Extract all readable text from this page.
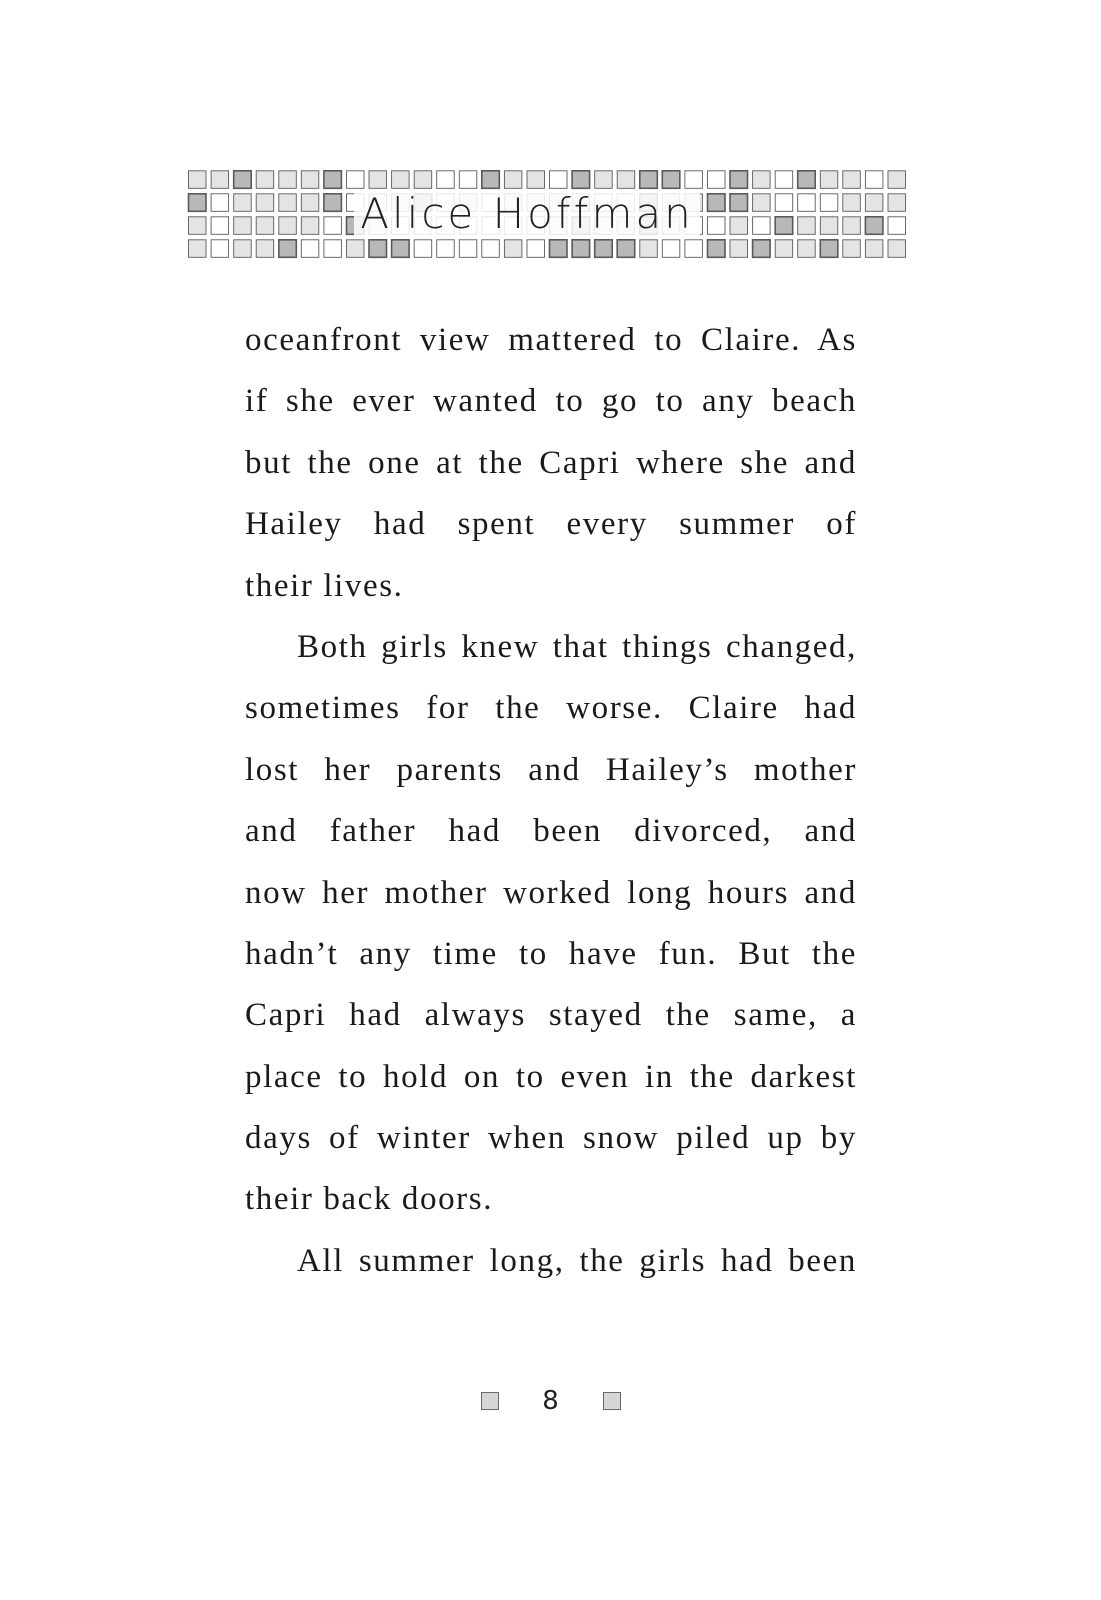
Alice Hoffman
oceanfront view mattered to Claire. As
if she ever wanted to go to any beach
but the one at the Capri where she and
Hailey had spent every summer of
their lives.
Both girls knew that things changed,
sometimes for the worse. Claire had
lost her parents and Hailey’s mother
and father had been divorced, and
now her mother worked long hours and
hadn’t any time to have fun. But the
Capri had always stayed the same, a
place to hold on to even in the darkest
days of winter when snow piled up by
their back doors.
All summer long, the girls had been
8
